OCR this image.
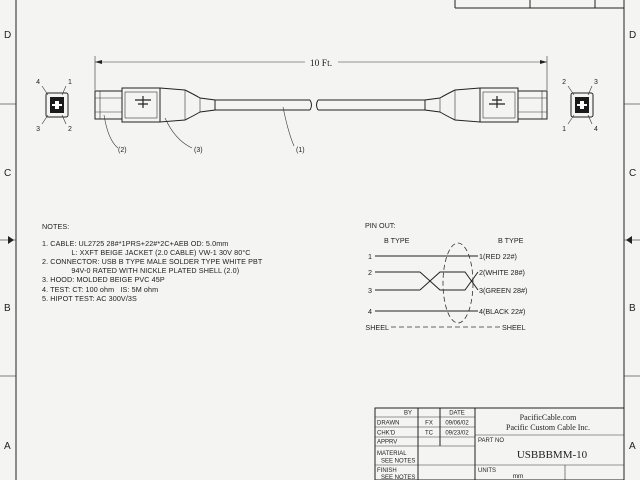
D
C
B
A
D
C
B
A
10 Ft.
4	1
3	2
2	3
1	4
(2)	(3)	(1)
PIN OUT:
B TYPE	B TYPE
1
2
3
4
SHEEL
1(RED 22#)
2(WHITE 28#)
3(GREEN 28#)
4(BLACK 22#)
SHEEL
BY	DATE
DRAWN	FX 09/06/02
CHK'D	TC 09/23/02
APPRV
MATERIAL
SEE NOTES
FINISH
SEE NOTES
PacificCable.com
Pacific Custom Cable Inc.
PART NO
USBBBMM-10
UNITS
mm
NOTES:
1. CABLE: UL2725 28#*1PRS+22#*2C+AEB OD: 5.0mm
L: XXFT BEIGE JACKET (2.0 CABLE) VW-1 30V 80°C
2. CONNECTOR: USB B TYPE MALE SOLDER TYPE WHITE PBT
94V-0 RATED WITH NICKLE PLATED SHELL (2.0)
3. HOOD: MOLDED BEIGE PVC 45P
4. TEST: CT: 100 ohm   IS: 5M ohm
5. HIPOT TEST: AC 300V/3S
